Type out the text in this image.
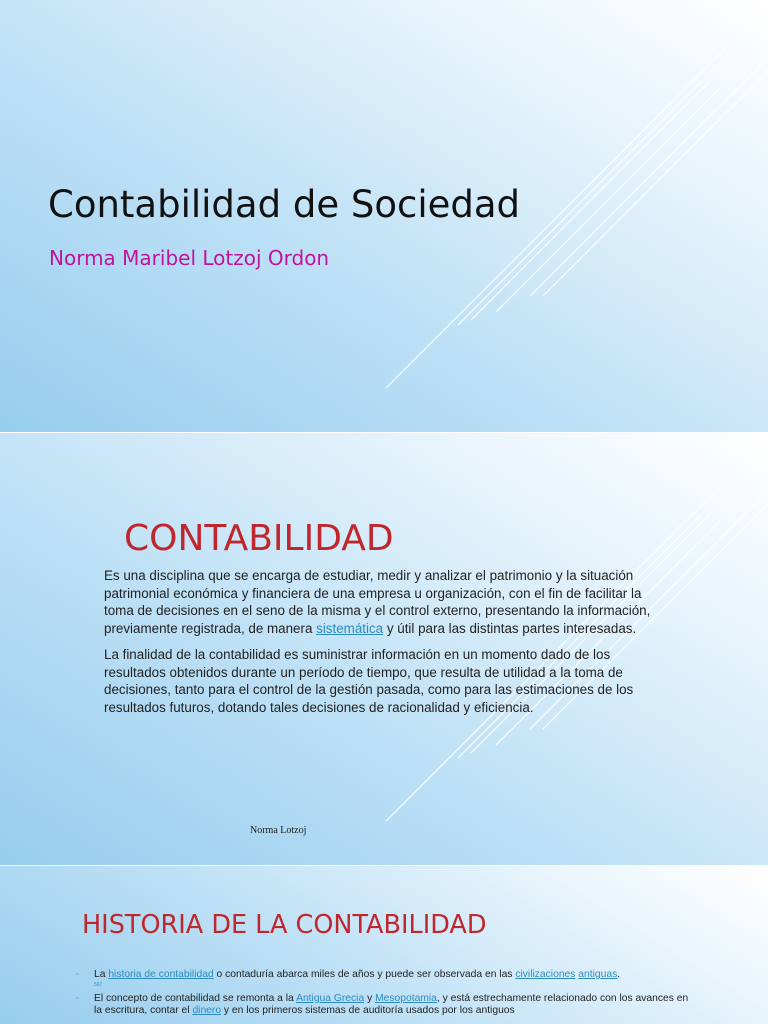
Contabilidad de Sociedad
Norma Maribel Lotzoj Ordon
CONTABILIDAD

Es una disciplina que se encarga de estudiar, medir y analizar el patrimonio y la situación patrimonial económica y financiera de una empresa u organización, con el fin de facilitar la toma de decisiones en el seno de la misma y el control externo, presentando la información, previamente registrada, de manera sistemática y útil para las distintas partes interesadas.

La finalidad de la contabilidad es suministrar información en un momento dado de los resultados obtenidos durante un período de tiempo, que resulta de utilidad a la toma de decisiones, tanto para el control de la gestión pasada, como para las estimaciones de los resultados futuros, dotando tales decisiones de racionalidad y eficiencia.

Norma Lotzoj
HISTORIA DE LA CONTABILIDAD
▫ La historia de contabilidad o contaduría abarca miles de años y puede ser observada en las civilizaciones antiguas.
567
▫ El concepto de contabilidad se remonta a la Antigua Grecia y Mesopotamia, y está estrechamente relacionado con los avances en la escritura, contar el dinero y en los primeros sistemas de auditoría usados por los antiguos
